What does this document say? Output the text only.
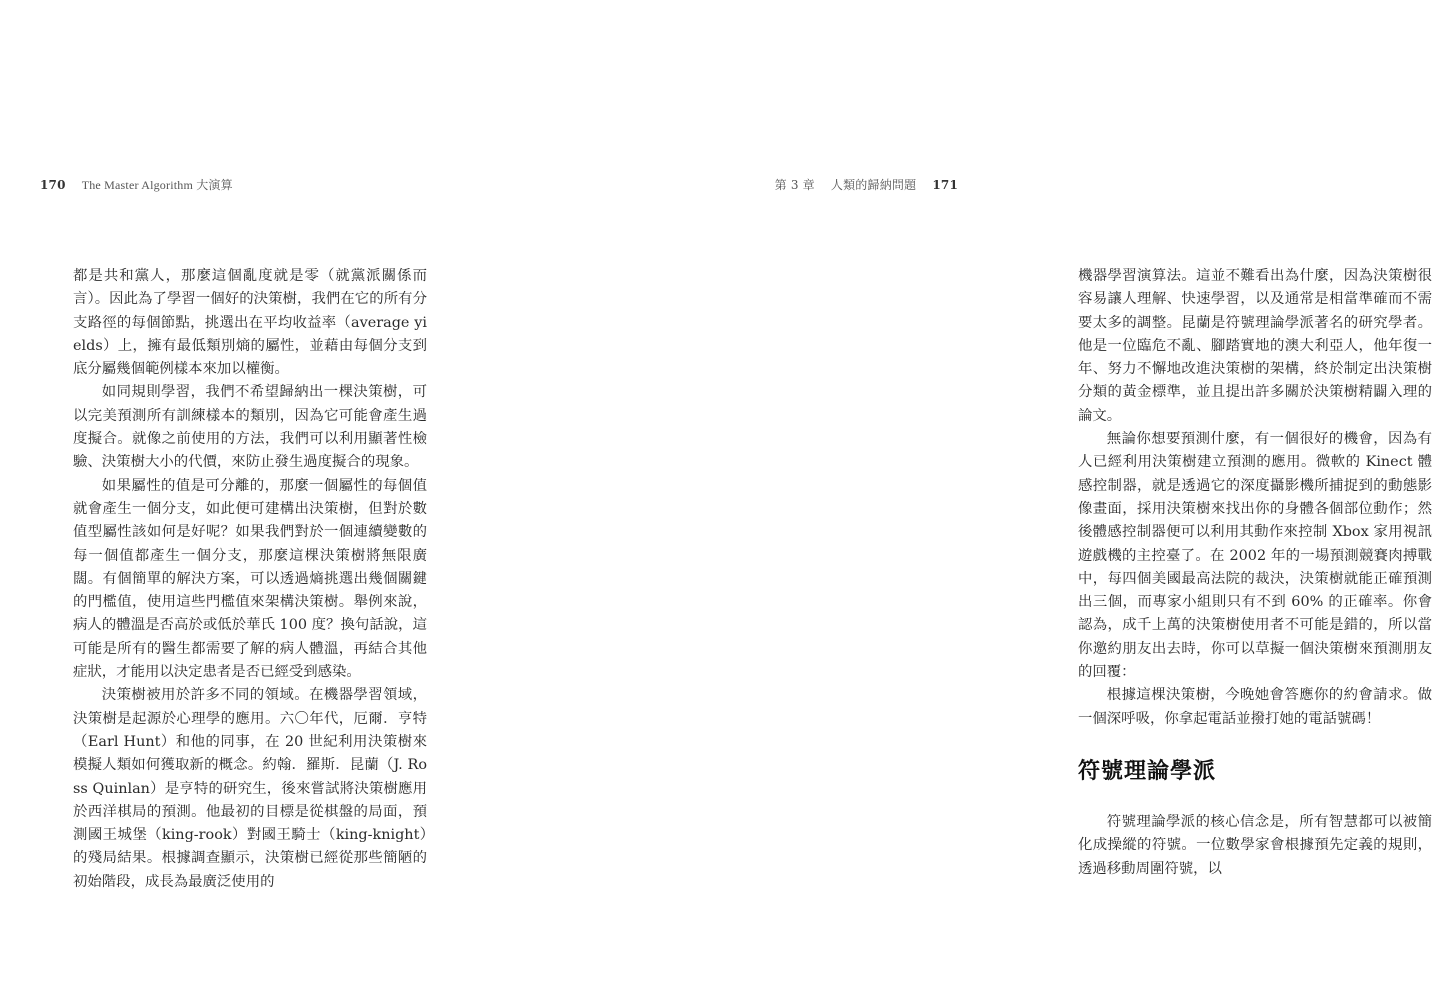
170 The Master Algorithm 大演算

都是共和黨人，那麼這個亂度就是零（就黨派關係而言）。因此為了學習一個好的決策樹，我們在它的所有分支路徑的每個節點，挑選出在平均收益率（average yields）上，擁有最低類別熵的屬性，並藉由每個分支到底分屬幾個範例樣本來加以權衡。

如同規則學習，我們不希望歸納出一棵決策樹，可以完美預測所有訓練樣本的類別，因為它可能會產生過度擬合。就像之前使用的方法，我們可以利用顯著性檢驗、決策樹大小的代價，來防止發生過度擬合的現象。

如果屬性的值是可分離的，那麼一個屬性的每個值就會產生一個分支，如此便可建構出決策樹，但對於數值型屬性該如何是好呢？如果我們對於一個連續變數的每一個值都產生一個分支，那麼這棵決策樹將無限廣闊。有個簡單的解決方案，可以透過熵挑選出幾個關鍵的門檻值，使用這些門檻值來架構決策樹。舉例來說，病人的體溫是否高於或低於華氏 100 度？換句話說，這可能是所有的醫生都需要了解的病人體溫，再結合其他症狀，才能用以決定患者是否已經受到感染。

決策樹被用於許多不同的領域。在機器學習領域，決策樹是起源於心理學的應用。六〇年代，厄爾．亨特（Earl Hunt）和他的同事，在 20 世紀利用決策樹來模擬人類如何獲取新的概念。約翰．羅斯．昆蘭（J. Ross Quinlan）是亨特的研究生，後來嘗試將決策樹應用於西洋棋局的預測。他最初的目標是從棋盤的局面，預測國王城堡（king-rook）對國王騎士（king-knight）的殘局結果。根據調查顯示，決策樹已經從那些簡陋的初始階段，成長為最廣泛使用的

第 3 章 人類的歸納問題 171

機器學習演算法。這並不難看出為什麼，因為決策樹很容易讓人理解、快速學習，以及通常是相當準確而不需要太多的調整。昆蘭是符號理論學派著名的研究學者。他是一位臨危不亂、腳踏實地的澳大利亞人，他年復一年、努力不懈地改進決策樹的架構，終於制定出決策樹分類的黃金標準，並且提出許多關於決策樹精闢入理的論文。

無論你想要預測什麼，有一個很好的機會，因為有人已經利用決策樹建立預測的應用。微軟的 Kinect 體感控制器，就是透過它的深度攝影機所捕捉到的動態影像畫面，採用決策樹來找出你的身體各個部位動作；然後體感控制器便可以利用其動作來控制 Xbox 家用視訊遊戲機的主控臺了。在 2002 年的一場預測競賽肉搏戰中，每四個美國最高法院的裁決，決策樹就能正確預測出三個，而專家小組則只有不到 60% 的正確率。你會認為，成千上萬的決策樹使用者不可能是錯的，所以當你邀約朋友出去時，你可以草擬一個決策樹來預測朋友的回覆：

根據這棵決策樹，今晚她會答應你的約會請求。做一個深呼吸，你拿起電話並撥打她的電話號碼！

符號理論學派

符號理論學派的核心信念是，所有智慧都可以被簡化成操縱的符號。一位數學家會根據預先定義的規則，透過移動周圍符號，以
